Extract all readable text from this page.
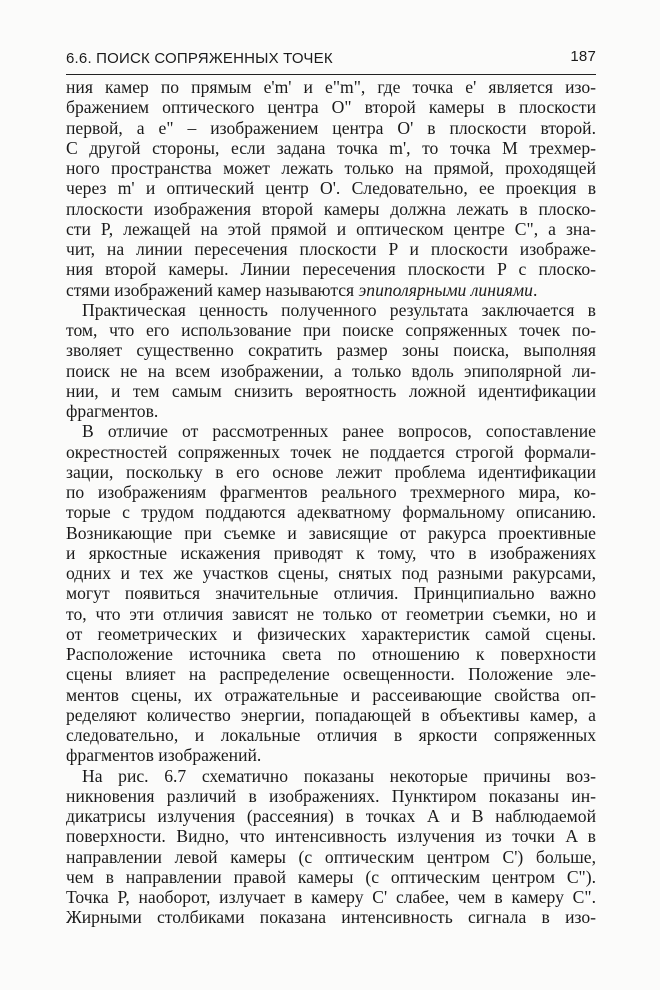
6.6. ПОИСК СОПРЯЖЕННЫХ ТОЧЕК	187
ния камер по прямым e'm' и e"m", где точка e' является изо-
бражением оптического центра O" второй камеры в плоскости
первой, а e" – изображением центра O' в плоскости второй.
С другой стороны, если задана точка m', то точка M трехмер-
ного пространства может лежать только на прямой, проходящей
через m' и оптический центр O'. Следовательно, ее проекция в
плоскости изображения второй камеры должна лежать в плоско-
сти P, лежащей на этой прямой и оптическом центре C", а зна-
чит, на линии пересечения плоскости P и плоскости изображе-
ния второй камеры. Линии пересечения плоскости P с плоско-
стями изображений камер называются эпиполярными линиями.
Практическая ценность полученного результата заключается в
том, что его использование при поиске сопряженных точек по-
зволяет существенно сократить размер зоны поиска, выполняя
поиск не на всем изображении, а только вдоль эпиполярной ли-
нии, и тем самым снизить вероятность ложной идентификации
фрагментов.
В отличие от рассмотренных ранее вопросов, сопоставление
окрестностей сопряженных точек не поддается строгой формали-
зации, поскольку в его основе лежит проблема идентификации
по изображениям фрагментов реального трехмерного мира, ко-
торые с трудом поддаются адекватному формальному описанию.
Возникающие при съемке и зависящие от ракурса проективные
и яркостные искажения приводят к тому, что в изображениях
одних и тех же участков сцены, снятых под разными ракурсами,
могут появиться значительные отличия. Принципиально важно
то, что эти отличия зависят не только от геометрии съемки, но и
от геометрических и физических характеристик самой сцены.
Расположение источника света по отношению к поверхности
сцены влияет на распределение освещенности. Положение эле-
ментов сцены, их отражательные и рассеивающие свойства оп-
ределяют количество энергии, попадающей в объективы камер, а
следовательно, и локальные отличия в яркости сопряженных
фрагментов изображений.
На рис. 6.7 схематично показаны некоторые причины воз-
никновения различий в изображениях. Пунктиром показаны ин-
дикатрисы излучения (рассеяния) в точках A и B наблюдаемой
поверхности. Видно, что интенсивность излучения из точки A в
направлении левой камеры (с оптическим центром C') больше,
чем в направлении правой камеры (с оптическим центром C").
Точка P, наоборот, излучает в камеру C' слабее, чем в камеру C".
Жирными столбиками показана интенсивность сигнала в изо-
